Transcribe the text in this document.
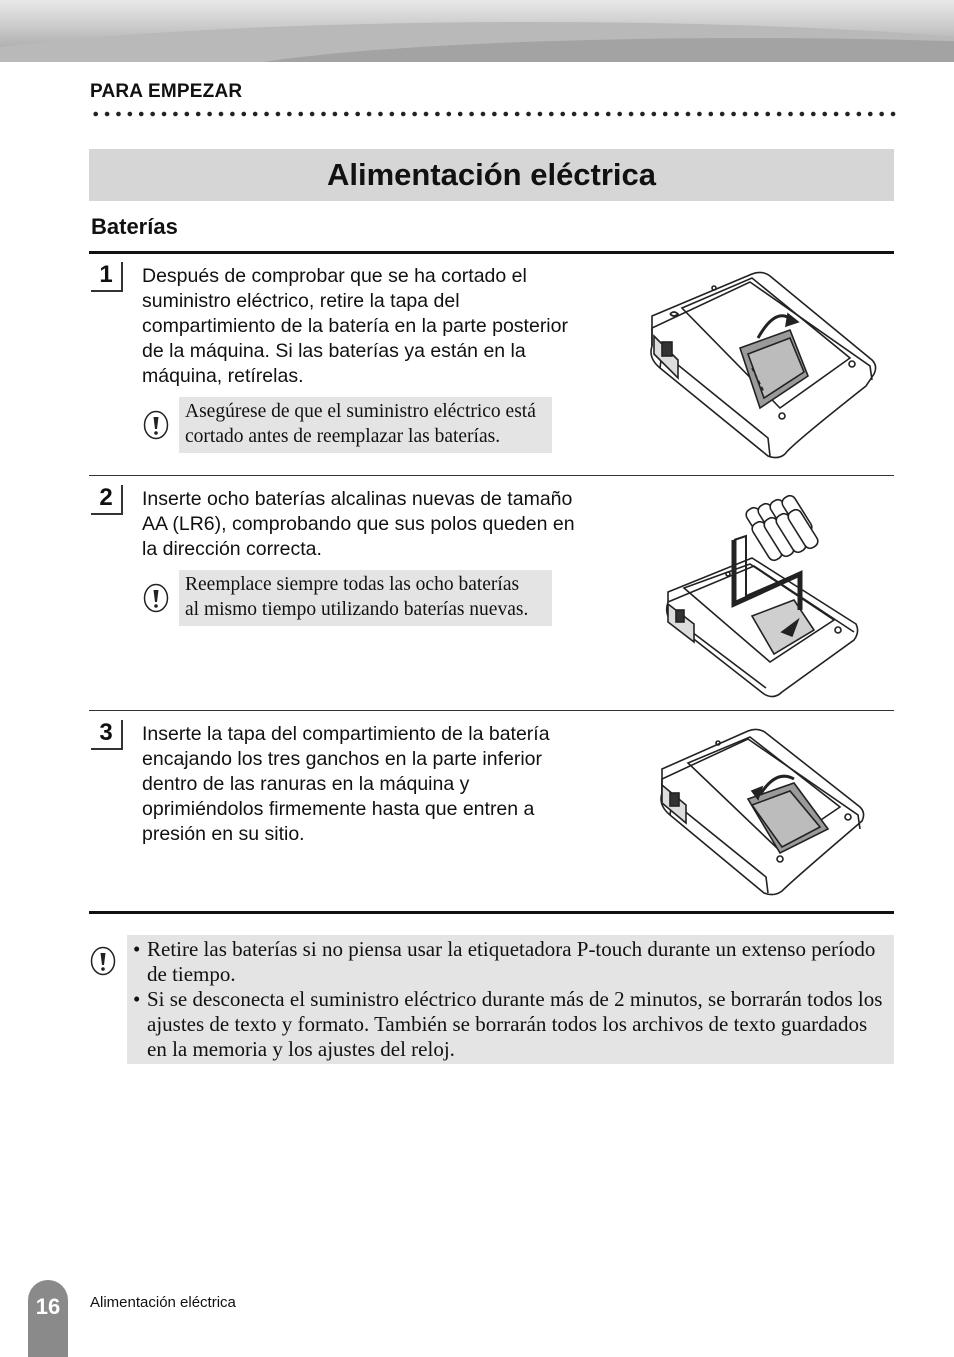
PARA EMPEZAR
Alimentación eléctrica
Baterías
1	Después de comprobar que se ha cortado el
suministro eléctrico, retire la tapa del
compartimiento de la batería en la parte posterior
de la máquina. Si las baterías ya están en la
máquina, retírelas.
Asegúrese de que el suministro eléctrico está
cortado antes de reemplazar las baterías.
2	Inserte ocho baterías alcalinas nuevas de tamaño
AA (LR6), comprobando que sus polos queden en
la dirección correcta.
Reemplace siempre todas las ocho baterías
al mismo tiempo utilizando baterías nuevas.
3	Inserte la tapa del compartimiento de la batería
encajando los tres ganchos en la parte inferior
dentro de las ranuras en la máquina y
oprimiéndolos firmemente hasta que entren a
presión en su sitio.
• Retire las baterías si no piensa usar la etiquetadora P-touch durante un extenso período de tiempo.
• Si se desconecta el suministro eléctrico durante más de 2 minutos, se borrarán todos los ajustes de texto y formato. También se borrarán todos los archivos de texto guardados en la memoria y los ajustes del reloj.
16	Alimentación eléctrica
